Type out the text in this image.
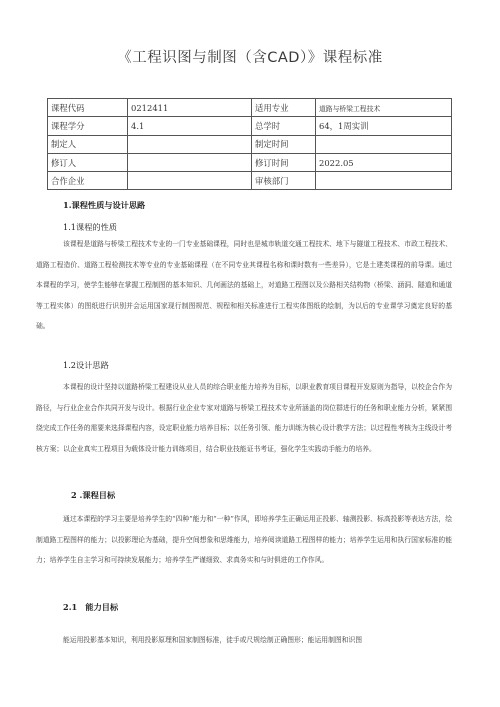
《工程识图与制图（含CAD）》课程标准
课程代码	0212411	适用专业	道路与桥梁工程技术
课程学分	4.1	总学时	64，1周实训
制定人		制定时间	
修订人		修订时间	2022.05
合作企业		审核部门	
1.课程性质与设计思路
1.1课程的性质

该课程是道路与桥梁工程技术专业的一门专业基础课程，同时也是城市轨道交通工程技术、地下与隧道工程技术、市政工程技术、道路工程造价、道路工程检测技术等专业的专业基础课程（在不同专业其课程名称和课时数有一些差异），它是土建类课程的前导课。通过本课程的学习，使学生能够在掌握工程制图的基本知识、几何画法的基础上，对道路工程图以及公路相关结构物（桥梁、涵洞、隧道和通道等工程实体）的图纸进行识别并会运用国家现行制图规范、规程和相关标准进行工程实体图纸的绘制，为以后的专业课学习奠定良好的基础。

1.2设计思路

本课程的设计坚持以道路桥梁工程建设从业人员的综合职业能力培养为目标，以职业教育项目课程开发原则为指导，以校企合作为路径，与行业企业合作共同开发与设计。根据行业企业专家对道路与桥梁工程技术专业所涵盖的岗位群进行的任务和职业能力分析，紧紧围绕完成工作任务的需要来选择课程内容，设定职业能力培养目标；以任务引领、能力训练为核心设计教学方法；以过程性考核为主线设计考核方案；以企业真实工程项目为载体设计能力训练项目，结合职业技能证书考证，强化学生实践动手能力的培养。

2 .课程目标

通过本课程的学习主要是培养学生的“四种”能力和“一种”作风，即培养学生正确运用正投影、轴测投影、标高投影等表达方法，绘制道路工程图样的能力；以投影理论为基础，提升空间想象和思维能力，培养阅读道路工程图样的能力；培养学生运用和执行国家标准的能力；培养学生自主学习和可持续发展能力；培养学生严谨细致、求真务实和与时俱进的工作作风。

2.1　能力目标

能运用投影基本知识，利用投影原理和国家制图标准，徒手或尺规绘制正确图形；能运用制图和识图
